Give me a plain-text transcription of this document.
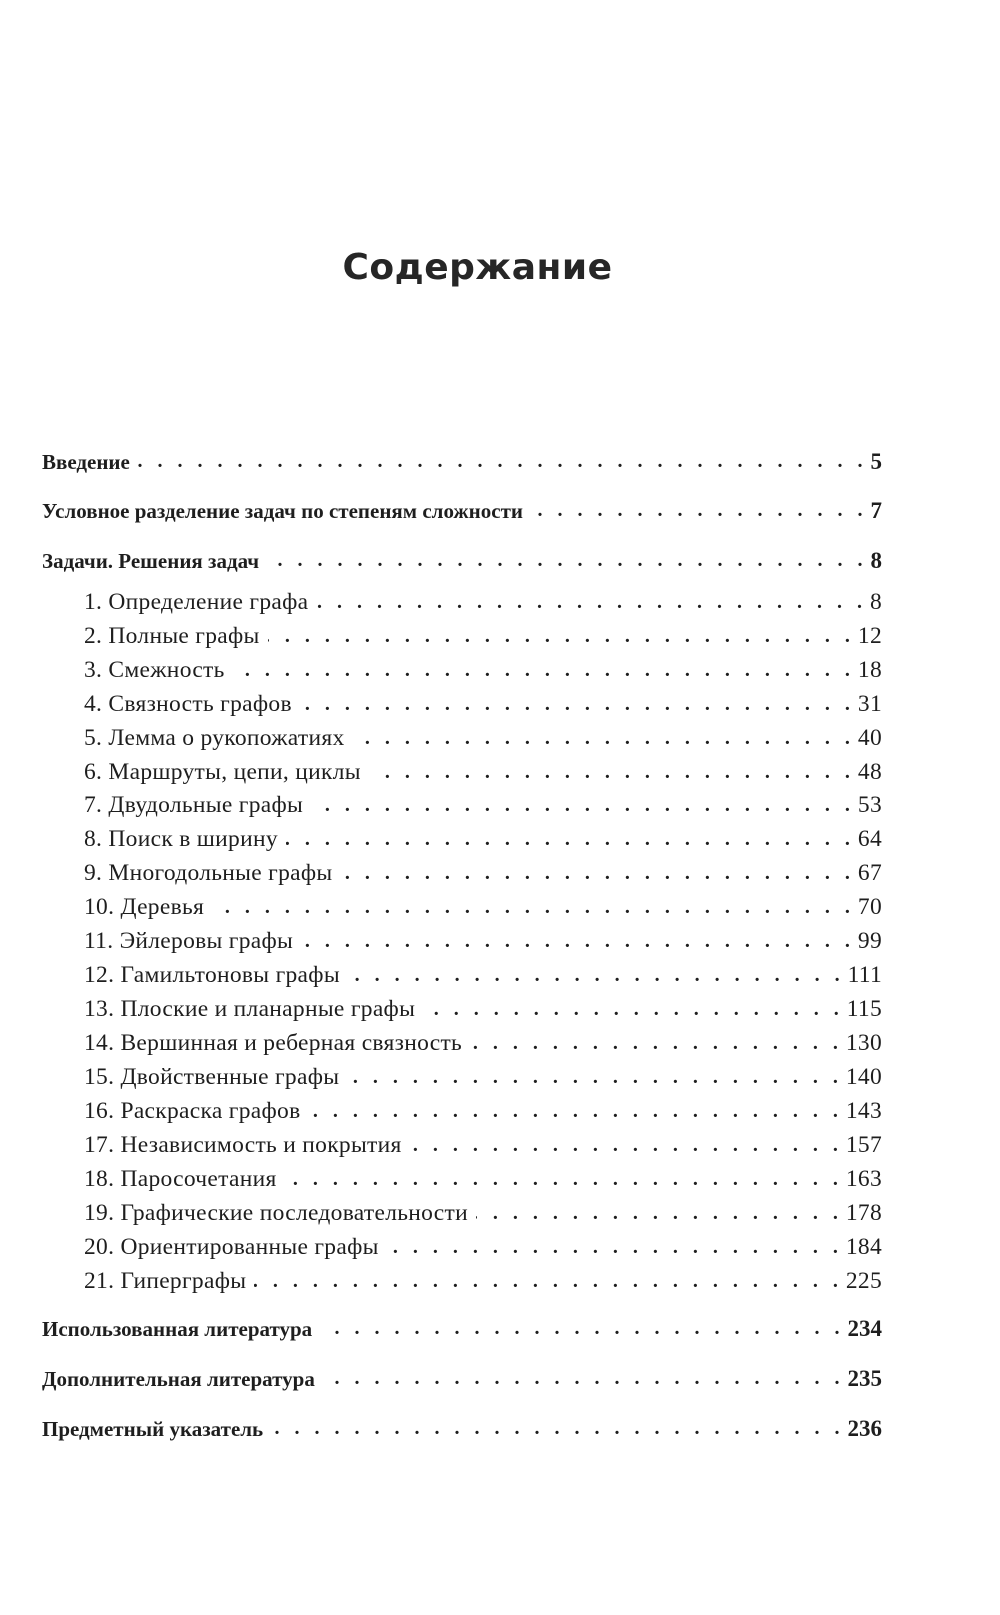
Содержание
Введение . . .	5
Условное разделение задач по степеням сложности . . .	7
Задачи. Решения задач . . .	8
1. Определение графа . . .	8
2. Полные графы . . .	12
3. Смежность . . .	18
4. Связность графов . . .	31
5. Лемма о рукопожатиях . . .	40
6. Маршруты, цепи, циклы . . .	48
7. Двудольные графы . . .	53
8. Поиск в ширину . . .	64
9. Многодольные графы . . .	67
10. Деревья . . .	70
11. Эйлеровы графы . . .	99
12. Гамильтоновы графы . . .	111
13. Плоские и планарные графы . . .	115
14. Вершинная и реберная связность . . .	130
15. Двойственные графы . . .	140
16. Раскраска графов . . .	143
17. Независимость и покрытия . . .	157
18. Паросочетания . . .	163
19. Графические последовательности . . .	178
20. Ориентированные графы . . .	184
21. Гиперграфы . . .	225
Использованная литература . . .	234
Дополнительная литература . . .	235
Предметный указатель . . .	236
